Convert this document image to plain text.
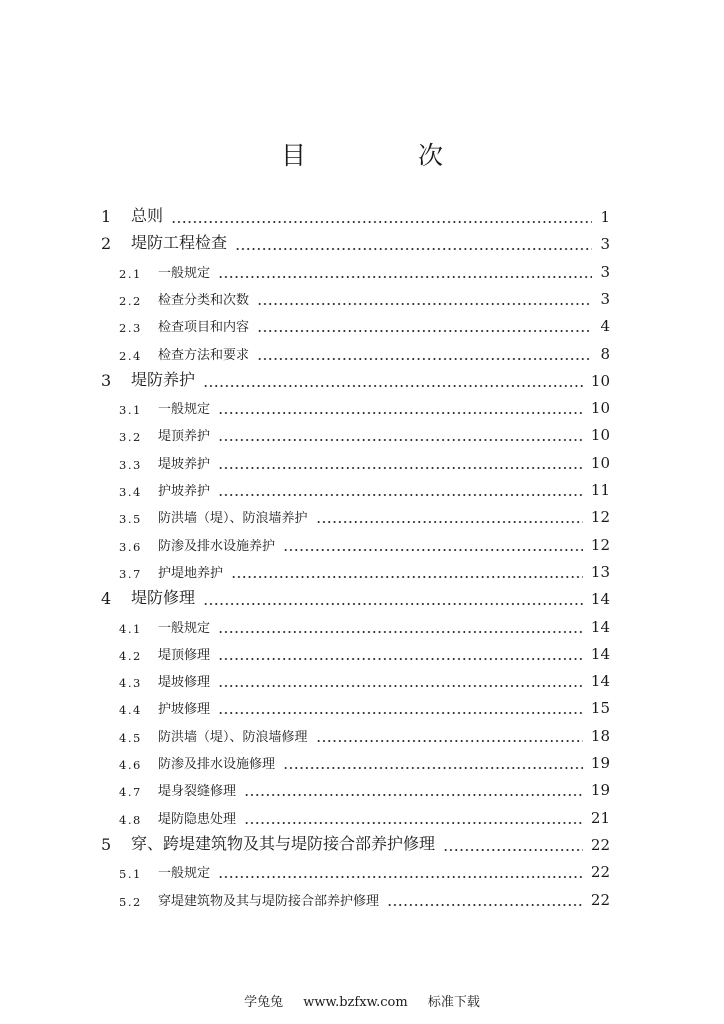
目 次
1 总则	1
2 堤防工程检查	3
2.1 一般规定	3
2.2 检查分类和次数	3
2.3 检查项目和内容	4
2.4 检查方法和要求	8
3 堤防养护	10
3.1 一般规定	10
3.2 堤顶养护	10
3.3 堤坡养护	10
3.4 护坡养护	11
3.5 防洪墙（堤）、防浪墙养护	12
3.6 防渗及排水设施养护	12
3.7 护堤地养护	13
4 堤防修理	14
4.1 一般规定	14
4.2 堤顶修理	14
4.3 堤坡修理	14
4.4 护坡修理	15
4.5 防洪墙（堤）、防浪墙修理	18
4.6 防渗及排水设施修理	19
4.7 堤身裂缝修理	19
4.8 堤防隐患处理	21
5 穿、跨堤建筑物及其与堤防接合部养护修理	22
5.1 一般规定	22
5.2 穿堤建筑物及其与堤防接合部养护修理	22
学兔兔 www.bzfxw.com 标准下载
